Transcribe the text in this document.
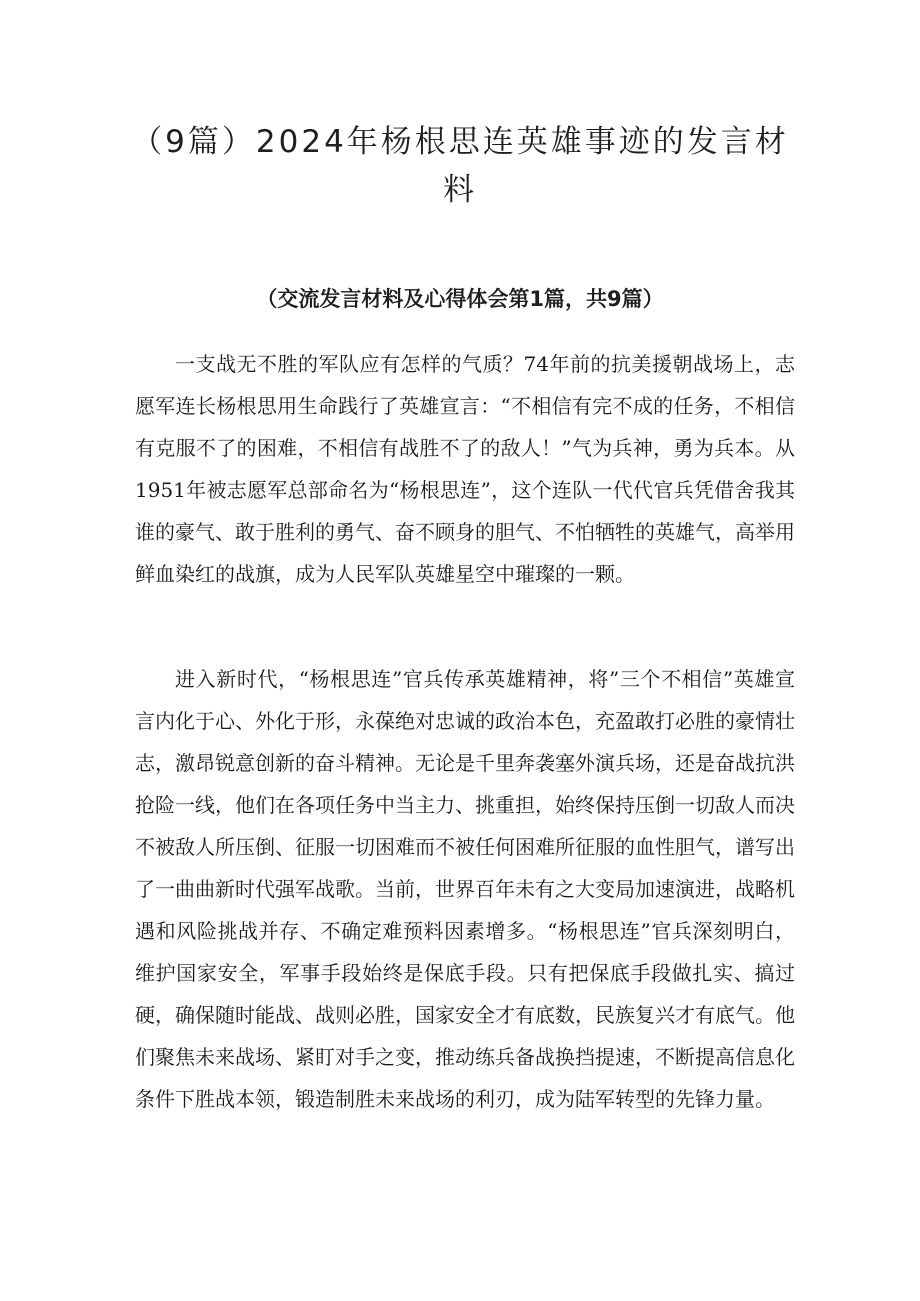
（9篇）2024年杨根思连英雄事迹的发言材料
（交流发言材料及心得体会第1篇，共9篇）

一支战无不胜的军队应有怎样的气质？74年前的抗美援朝战场上，志愿军连长杨根思用生命践行了英雄宣言：“不相信有完不成的任务，不相信有克服不了的困难，不相信有战胜不了的敌人！”气为兵神，勇为兵本。从1951年被志愿军总部命名为“杨根思连”，这个连队一代代官兵凭借舍我其谁的豪气、敢于胜利的勇气、奋不顾身的胆气、不怕牺牲的英雄气，高举用鲜血染红的战旗，成为人民军队英雄星空中璀璨的一颗。

进入新时代，“杨根思连”官兵传承英雄精神，将”三个不相信”英雄宣言内化于心、外化于形，永葆绝对忠诚的政治本色，充盈敢打必胜的豪情壮志，激昂锐意创新的奋斗精神。无论是千里奔袭塞外演兵场，还是奋战抗洪抢险一线，他们在各项任务中当主力、挑重担，始终保持压倒一切敌人而决不被敌人所压倒、征服一切困难而不被任何困难所征服的血性胆气，谱写出了一曲曲新时代强军战歌。当前，世界百年未有之大变局加速演进，战略机遇和风险挑战并存、不确定难预料因素增多。“杨根思连”官兵深刻明白，维护国家安全，军事手段始终是保底手段。只有把保底手段做扎实、搞过硬，确保随时能战、战则必胜，国家安全才有底数，民族复兴才有底气。他们聚焦未来战场、紧盯对手之变，推动练兵备战换挡提速，不断提高信息化条件下胜战本领，锻造制胜未来战场的利刃，成为陆军转型的先锋力量。
